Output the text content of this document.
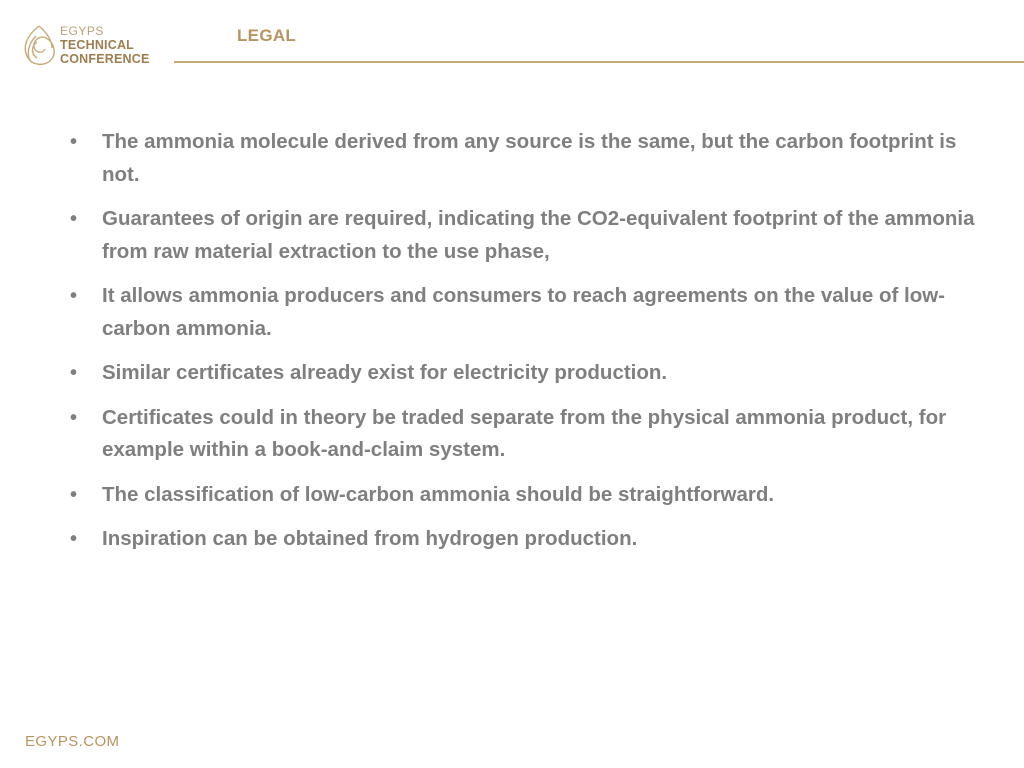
EGYPS
TECHNICAL
CONFERENCE
LEGAL
• The ammonia molecule derived from any source is the same, but the carbon footprint is not.
• Guarantees of origin are required, indicating the CO2-equivalent footprint of the ammonia from raw material extraction to the use phase,
• It allows ammonia producers and consumers to reach agreements on the value of low-carbon ammonia.
• Similar certificates already exist for electricity production.
• Certificates could in theory be traded separate from the physical ammonia product, for example within a book-and-claim system.
• The classification of low-carbon ammonia should be straightforward.
• Inspiration can be obtained from hydrogen production.
EGYPS.COM
